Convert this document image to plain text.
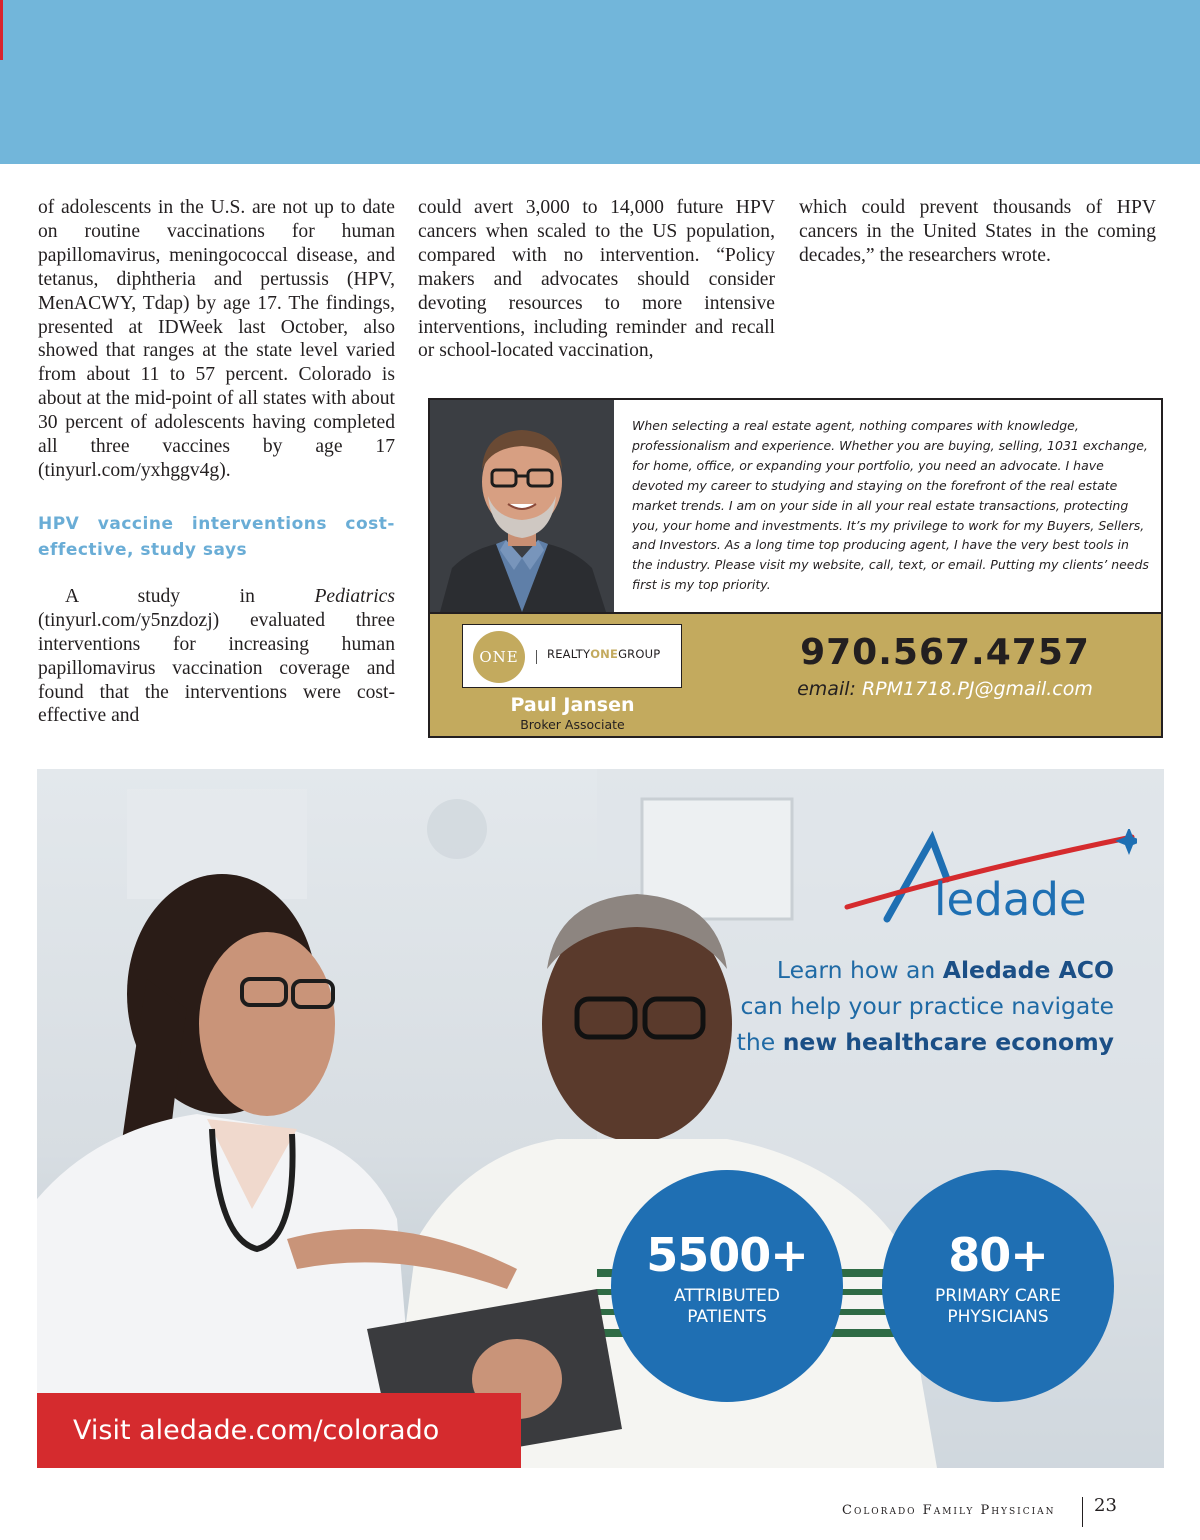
of adolescents in the U.S. are not up to date on routine vaccinations for human papillomavirus, meningococcal disease, and tetanus, diphtheria and pertussis (HPV, MenACWY, Tdap) by age 17. The findings, presented at IDWeek last October, also showed that ranges at the state level varied from about 11 to 57 percent. Colorado is about at the mid-point of all states with about 30 percent of adolescents having completed all three vaccines by age 17 (tinyurl.com/yxhggv4g).

HPV vaccine interventions cost-effective, study says

A study in Pediatrics (tinyurl.com/y5nzdozj) evaluated three interventions for increasing human papillomavirus vaccination coverage and found that the interventions were cost-effective and

could avert 3,000 to 14,000 future HPV cancers when scaled to the US population, compared with no intervention. “Policy makers and advocates should consider devoting resources to more intensive interventions, including reminder and recall or school-located vaccination,

which could prevent thousands of HPV cancers in the United States in the coming decades,” the researchers wrote.

When selecting a real estate agent, nothing compares with knowledge, professionalism and experience. Whether you are buying, selling, 1031 exchange, for home, office, or expanding your portfolio, you need an advocate. I have devoted my career to studying and staying on the forefront of the real estate market trends. I am on your side in all your real estate transactions, protecting you, your home and investments. It’s my privilege to work for my Buyers, Sellers, and Investors. As a long time top producing agent, I have the very best tools in the industry. Please visit my website, call, text, or email. Putting my clients’ needs first is my top priority.
ONE	REALTYONEGROUP
Paul Jansen
Broker Associate
970.567.4757
email: RPM1718.PJ@gmail.com
ledade
Learn how an Aledade ACO
can help your practice navigate
the new healthcare economy
5500+
ATTRIBUTED PATIENTS
80+
PRIMARY CARE PHYSICIANS
Visit aledade.com/colorado
Colorado Family Physician 23
